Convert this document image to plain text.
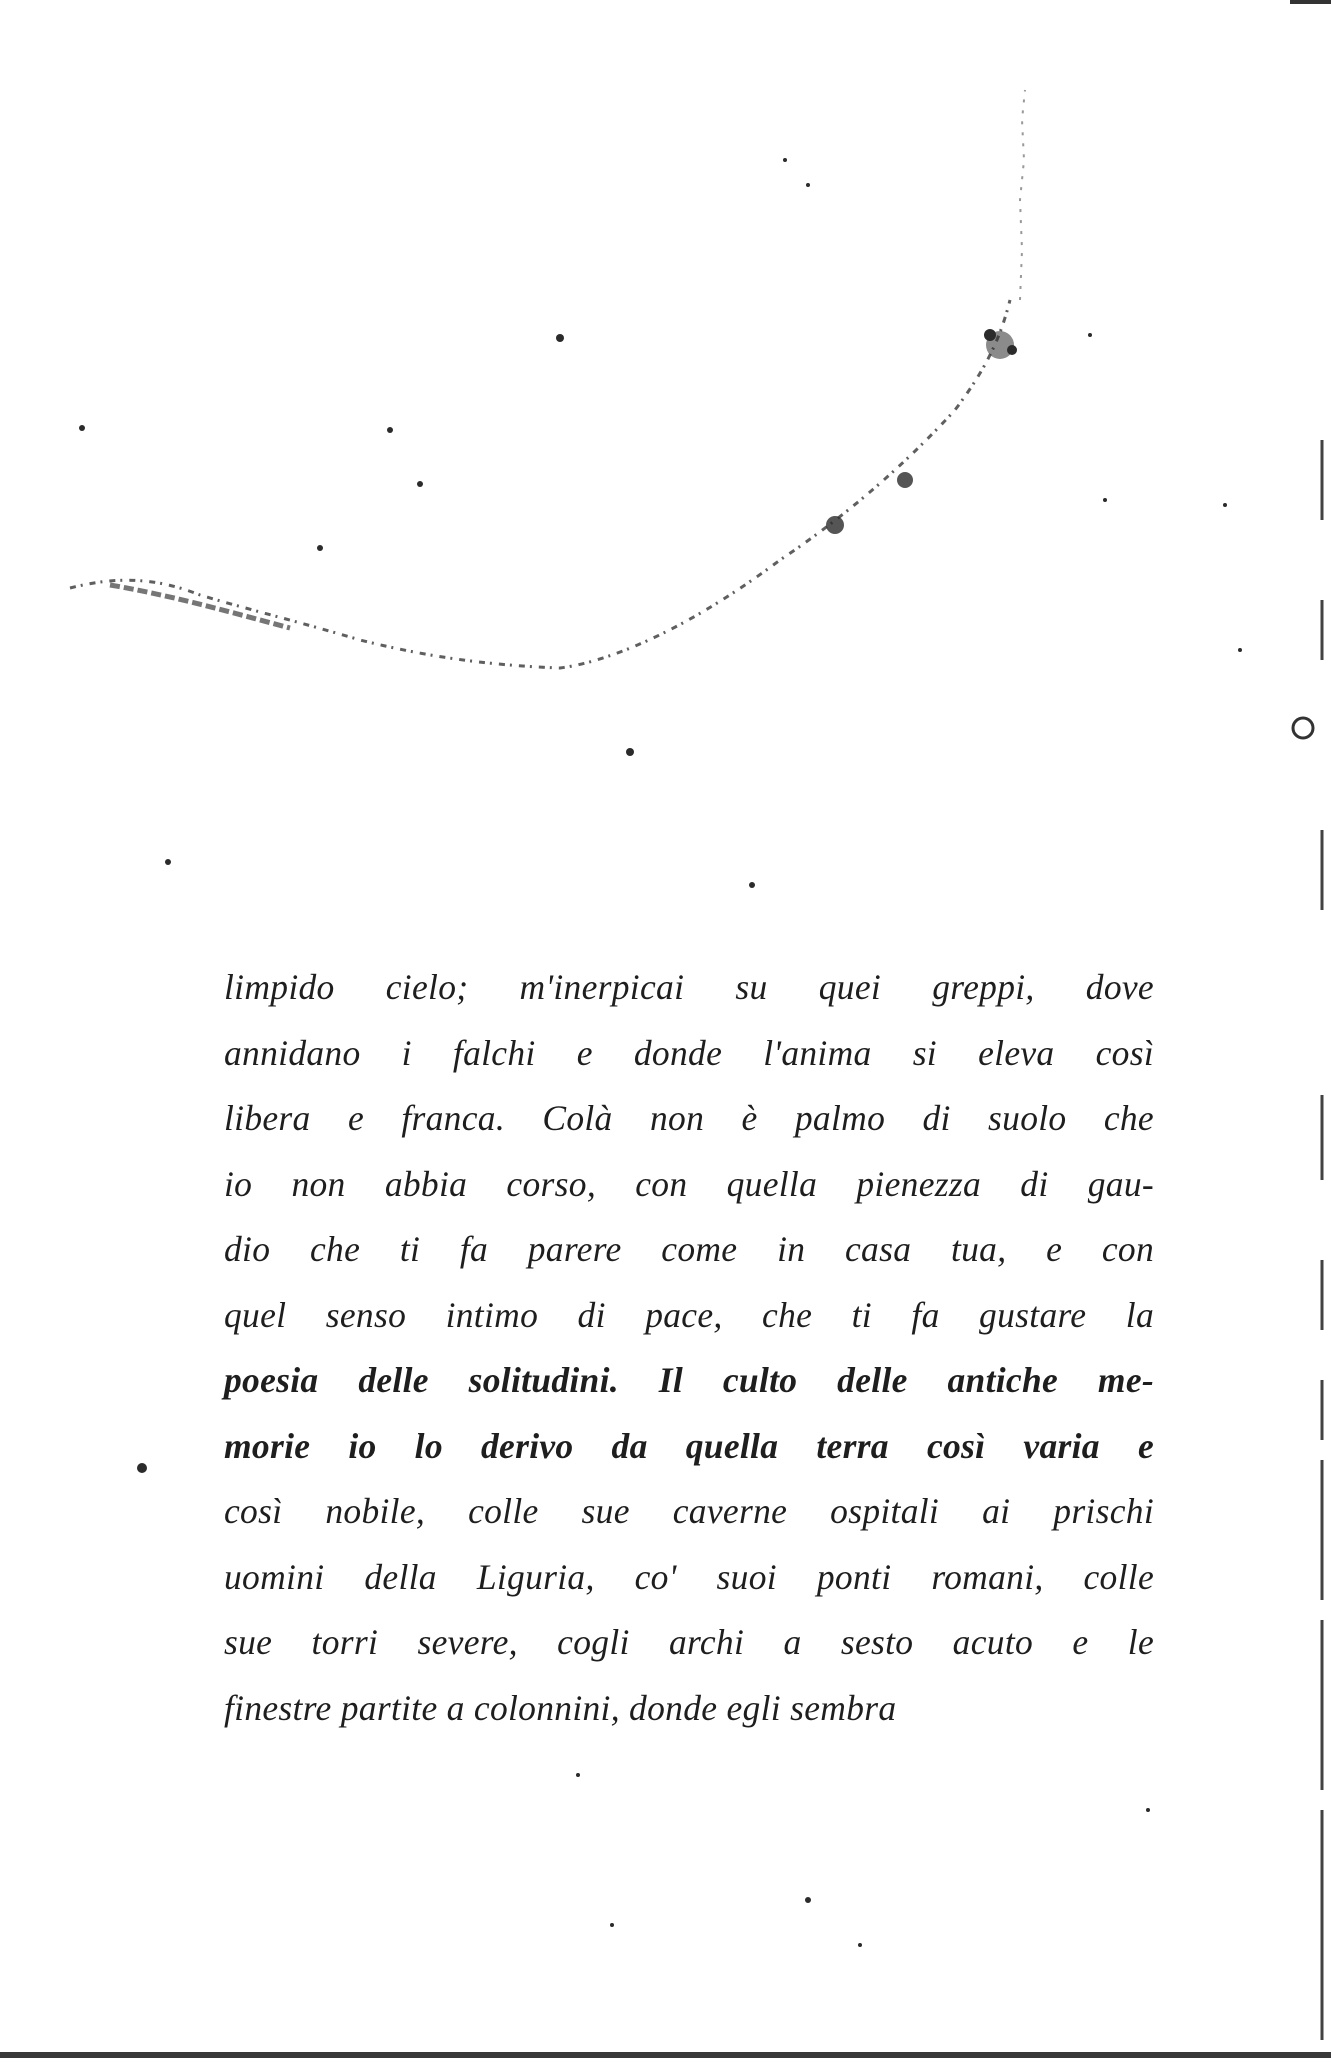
limpido cielo; m'inerpicai su quei greppi, dove
annidano i falchi e donde l'anima si eleva così
libera e franca. Colà non è palmo di suolo che
io non abbia corso, con quella pienezza di gau-
dio che ti fa parere come in casa tua, e con
quel senso intimo di pace, che ti fa gustare la
poesia delle solitudini. Il culto delle antiche me-
morie io lo derivo da quella terra così varia e
così nobile, colle sue caverne ospitali ai prischi
uomini della Liguria, co' suoi ponti romani, colle
sue torri severe, cogli archi a sesto acuto e le
finestre partite a colonnini, donde egli sembra
